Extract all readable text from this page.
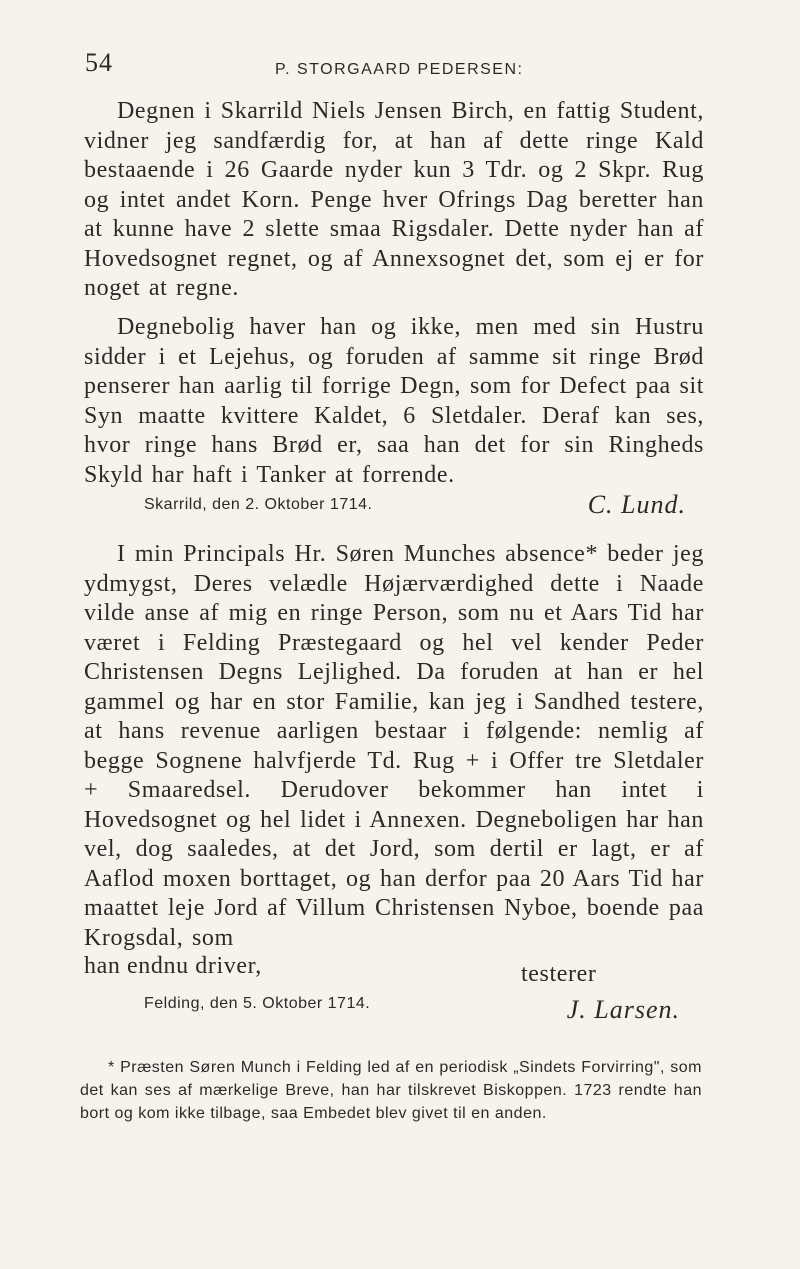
54	P. STORGAARD PEDERSEN:

Degnen i Skarrild Niels Jensen Birch, en fattig Student, vidner jeg sandfærdig for, at han af dette ringe Kald bestaaende i 26 Gaarde nyder kun 3 Tdr. og 2 Skpr. Rug og intet andet Korn. Penge hver Ofrings Dag beretter han at kunne have 2 slette smaa Rigsdaler. Dette nyder han af Hovedsognet regnet, og af Annexsognet det, som ej er for noget at regne.

Degnebolig haver han og ikke, men med sin Hustru sidder i et Lejehus, og foruden af samme sit ringe Brød penserer han aarlig til forrige Degn, som for Defect paa sit Syn maatte kvittere Kaldet, 6 Sletdaler. Deraf kan ses, hvor ringe hans Brød er, saa han det for sin Ringheds Skyld har haft i Tanker at forrende.

Skarrild, den 2. Oktober 1714.	C. Lund.

I min Principals Hr. Søren Munches absence* beder jeg ydmygst, Deres velædle Højærværdighed dette i Naade vilde anse af mig en ringe Person, som nu et Aars Tid har været i Felding Præstegaard og hel vel kender Peder Christensen Degns Lejlighed. Da foruden at han er hel gammel og har en stor Familie, kan jeg i Sandhed testere, at hans revenue aarligen bestaar i følgende: nemlig af begge Sognene halvfjerde Td. Rug + i Offer tre Sletdaler + Smaaredsel. Derudover bekommer han intet i Hovedsognet og hel lidet i Annexen. Degneboligen har han vel, dog saaledes, at det Jord, som dertil er lagt, er af Aaflod moxen borttaget, og han derfor paa 20 Aars Tid har maattet leje Jord af Villum Christensen Nyboe, boende paa Krogsdal, som

han endnu driver,	testerer
Felding, den 5. Oktober 1714.	J. Larsen.

* Præsten Søren Munch i Felding led af en periodisk „Sindets Forvirring", som det kan ses af mærkelige Breve, han har tilskrevet Biskoppen. 1723 rendte han bort og kom ikke tilbage, saa Embedet blev givet til en anden.
